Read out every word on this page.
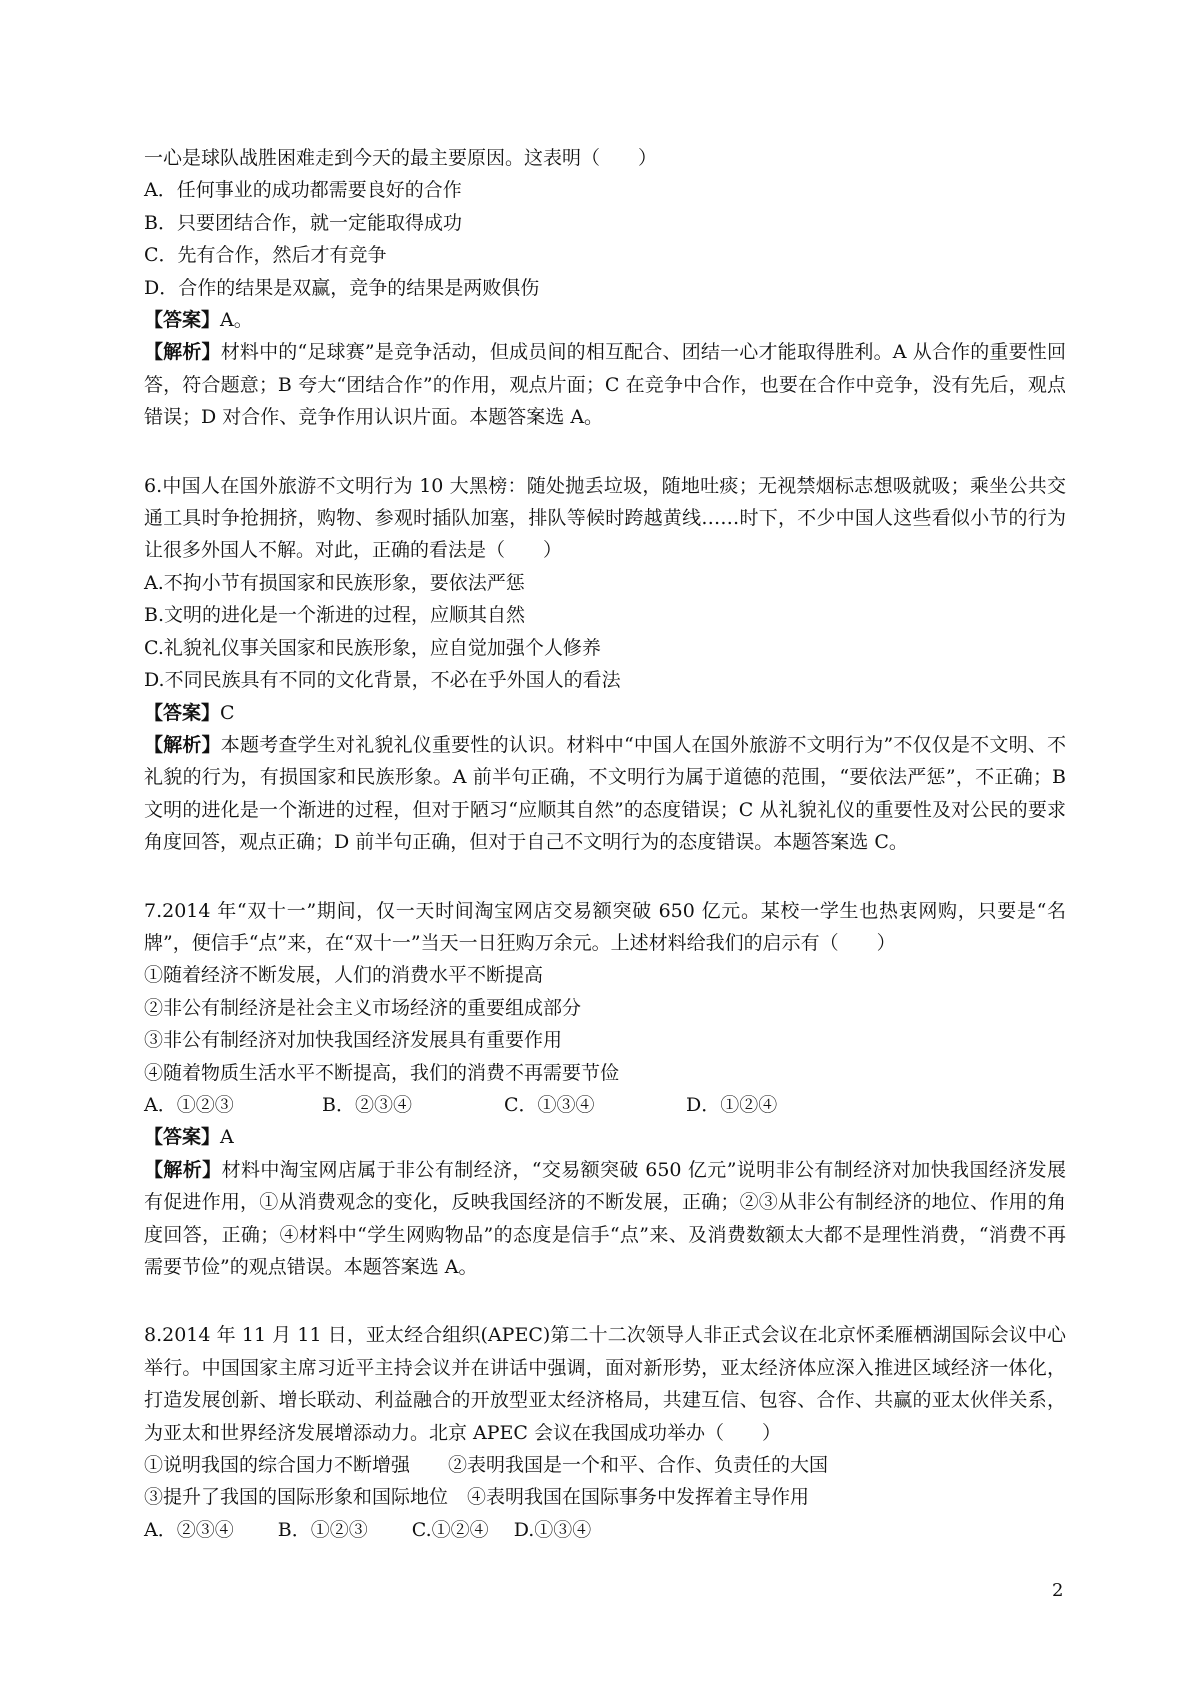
一心是球队战胜困难走到今天的最主要原因。这表明（　　）

A．任何事业的成功都需要良好的合作

B．只要团结合作，就一定能取得成功

C．先有合作，然后才有竞争

D．合作的结果是双赢，竞争的结果是两败俱伤

【答案】A。

【解析】材料中的“足球赛”是竞争活动，但成员间的相互配合、团结一心才能取得胜利。A 从合作的重要性回答，符合题意；B 夸大“团结合作”的作用，观点片面；C 在竞争中合作，也要在合作中竞争，没有先后，观点错误；D 对合作、竞争作用认识片面。本题答案选 A。

6.中国人在国外旅游不文明行为 10 大黑榜：随处抛丢垃圾，随地吐痰；无视禁烟标志想吸就吸；乘坐公共交通工具时争抢拥挤，购物、参观时插队加塞，排队等候时跨越黄线……时下，不少中国人这些看似小节的行为让很多外国人不解。对此，正确的看法是（　　）

A.不拘小节有损国家和民族形象，要依法严惩

B.文明的进化是一个渐进的过程，应顺其自然

C.礼貌礼仪事关国家和民族形象，应自觉加强个人修养

D.不同民族具有不同的文化背景，不必在乎外国人的看法

【答案】C

【解析】本题考查学生对礼貌礼仪重要性的认识。材料中“中国人在国外旅游不文明行为”不仅仅是不文明、不礼貌的行为，有损国家和民族形象。A 前半句正确，不文明行为属于道德的范围，“要依法严惩”，不正确；B 文明的进化是一个渐进的过程，但对于陋习“应顺其自然”的态度错误；C 从礼貌礼仪的重要性及对公民的要求角度回答，观点正确；D 前半句正确，但对于自己不文明行为的态度错误。本题答案选 C。

7.2014 年“双十一”期间，仅一天时间淘宝网店交易额突破 650 亿元。某校一学生也热衷网购，只要是“名牌”，便信手“点”来，在“双十一”当天一日狂购万余元。上述材料给我们的启示有（　　）

①随着经济不断发展，人们的消费水平不断提高

②非公有制经济是社会主义市场经济的重要组成部分

③非公有制经济对加快我国经济发展具有重要作用

④随着物质生活水平不断提高，我们的消费不再需要节俭

A．①②③	B．②③④	C．①③④	D．①②④

【答案】A

【解析】材料中淘宝网店属于非公有制经济，“交易额突破 650 亿元”说明非公有制经济对加快我国经济发展有促进作用，①从消费观念的变化，反映我国经济的不断发展，正确；②③从非公有制经济的地位、作用的角度回答，正确；④材料中“学生网购物品”的态度是信手“点”来、及消费数额太大都不是理性消费，“消费不再需要节俭”的观点错误。本题答案选 A。

8.2014 年 11 月 11 日，亚太经合组织(APEC)第二十二次领导人非正式会议在北京怀柔雁栖湖国际会议中心举行。中国国家主席习近平主持会议并在讲话中强调，面对新形势，亚太经济体应深入推进区域经济一体化，打造发展创新、增长联动、利益融合的开放型亚太经济格局，共建互信、包容、合作、共赢的亚太伙伴关系，为亚太和世界经济发展增添动力。北京 APEC 会议在我国成功举办（　　）

①说明我国的综合国力不断增强　　②表明我国是一个和平、合作、负责任的大国

③提升了我国的国际形象和国际地位　④表明我国在国际事务中发挥着主导作用

A．②③④　　 B．①②③　　 C.①②④　 D.①③④

2
